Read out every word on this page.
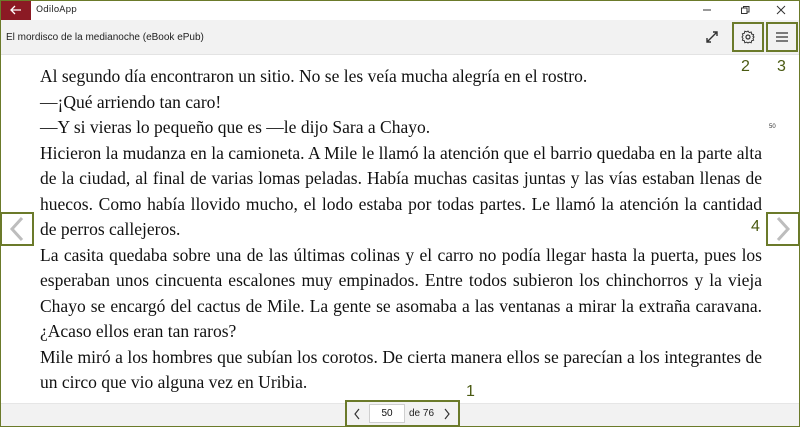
OdiloApp
El mordisco de la medianoche (eBook ePub)
2 3
4
1

Al segundo día encontraron un sitio. No se les veía mucha alegría en el rostro.

—¡Qué arriendo tan caro!

—Y si vieras lo pequeño que es —le dijo Sara a Chayo.

Hicieron la mudanza en la camioneta. A Mile le llamó la atención que el barrio quedaba en la parte alta de la ciudad, al final de varias lomas peladas. Había muchas casitas juntas y las vías estaban llenas de huecos. Como había llovido mucho, el lodo estaba por todas partes. Le llamó la atención la cantidad de perros callejeros.

La casita quedaba sobre una de las últimas colinas y el carro no podía llegar hasta la puerta, pues los esperaban unos cincuenta escalones muy empinados. Entre todos subieron los chinchorros y la vieja Chayo se encargó del cactus de Mile. La gente se asomaba a las ventanas a mirar la extraña caravana. ¿Acaso ellos eran tan raros?

Mile miró a los hombres que subían los corotos. De cierta manera ellos se parecían a los integrantes de un circo que vio alguna vez en Uribia.

50
50
de 76
